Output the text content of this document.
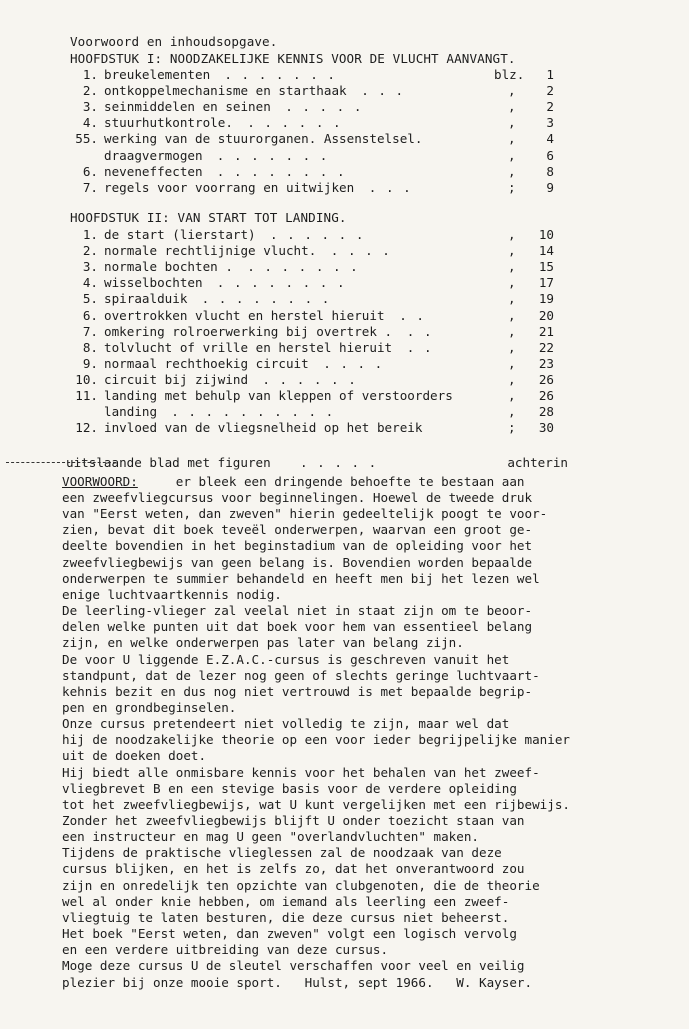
Voorwoord en inhoudsopgave.
HOOFDSTUK I: NOODZAKELIJKE KENNIS VOOR DE VLUCHT AANVANGT.
blz.
1. breukelementen . . . . . . .	1
2. ontkoppelmechanisme en starthaak . . .	,	2
3. seinmiddelen en seinen . . . . .	,	2
4. stuurhutkontrole. . . . . . .	,	3
55. werking van de stuurorganen. Assenstelsel.	,	4
draagvermogen . . . . . . .	,	6
6. neveneffecten . . . . . . . .	,	8
7. regels voor voorrang en uitwijken . . .	;	9
HOOFDSTUK II: VAN START TOT LANDING.
1. de start (lierstart) . . . . . .	,	10
2. normale rechtlijnige vlucht. . . . .	,	14
3. normale bochten . . . . . . . .	,	15
4. wisselbochten . . . . . . . .	,	17
5. spiraalduik . . . . . . . .	,	19
6. overtrokken vlucht en herstel hieruit . .	,	20
7. omkering rolroerwerking bij overtrek . . .	,	21
8. tolvlucht of vrille en herstel hieruit . .	,	22
9. normaal rechthoekig circuit . . . .	,	23
10. circuit bij zijwind . . . . . .	,	26
11. landing met behulp van kleppen of verstoorders	,	26
landing . . . . . . . . . .	,	28
12. invloed van de vliegsnelheid op het bereik	;	30
uitslaande blad met figuren . . . . .	achterin
VOORWOORD:     er bleek een dringende behoefte te bestaan aan
een zweefvliegcursus voor beginnelingen. Hoewel de tweede druk
van "Eerst weten, dan zweven" hierin gedeeltelijk poogt te voor-
zien, bevat dit boek teveël onderwerpen, waarvan een groot ge-
deelte bovendien in het beginstadium van de opleiding voor het
zweefvliegbewijs van geen belang is. Bovendien worden bepaalde
onderwerpen te summier behandeld en heeft men bij het lezen wel
enige luchtvaartkennis nodig.
De leerling-vlieger zal veelal niet in staat zijn om te beoor-
delen welke punten uit dat boek voor hem van essentieel belang
zijn, en welke onderwerpen pas later van belang zijn.
De voor U liggende E.Z.A.C.-cursus is geschreven vanuit het
standpunt, dat de lezer nog geen of slechts geringe luchtvaart-
kehnis bezit en dus nog niet vertrouwd is met bepaalde begrip-
pen en grondbeginselen.
Onze cursus pretendeert niet volledig te zijn, maar wel dat
hij de noodzakelijke theorie op een voor ieder begrijpelijke manier
uit de doeken doet.
Hij biedt alle onmisbare kennis voor het behalen van het zweef-
vliegbrevet B en een stevige basis voor de verdere opleiding
tot het zweefvliegbewijs, wat U kunt vergelijken met een rijbewijs.
Zonder het zweefvliegbewijs blijft U onder toezicht staan van
een instructeur en mag U geen "overlandvluchten" maken.
Tijdens de praktische vlieglessen zal de noodzaak van deze
cursus blijken, en het is zelfs zo, dat het onverantwoord zou
zijn en onredelijk ten opzichte van clubgenoten, die de theorie
wel al onder knie hebben, om iemand als leerling een zweef-
vliegtuig te laten besturen, die deze cursus niet beheerst.
Het boek "Eerst weten, dan zweven" volgt een logisch vervolg
en een verdere uitbreiding van deze cursus.
Moge deze cursus U de sleutel verschaffen voor veel en veilig
plezier bij onze mooie sport.   Hulst, sept 1966.   W. Kayser.
